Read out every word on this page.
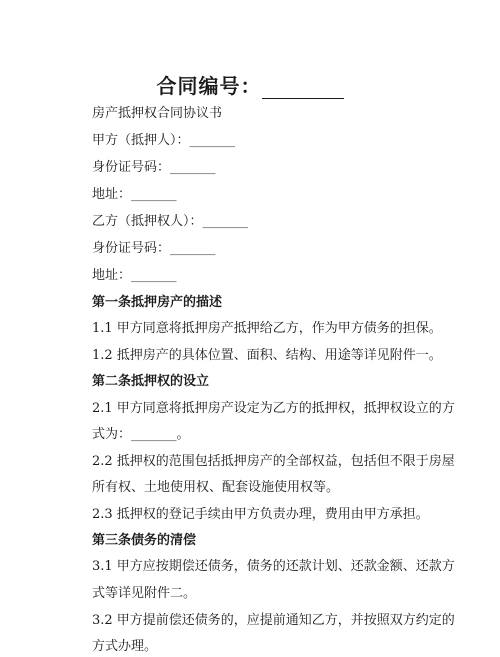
合同编号：
房产抵押权合同协议书
甲方（抵押人）：_______
身份证号码：_______
地址：_______
乙方（抵押权人）：_______
身份证号码：_______
地址：_______
第一条抵押房产的描述
1.1 甲方同意将抵押房产抵押给乙方，作为甲方债务的担保。
1.2 抵押房产的具体位置、面积、结构、用途等详见附件一。
第二条抵押权的设立
2.1 甲方同意将抵押房产设定为乙方的抵押权，抵押权设立的方
式为：_______。
2.2 抵押权的范围包括抵押房产的全部权益，包括但不限于房屋
所有权、土地使用权、配套设施使用权等。
2.3 抵押权的登记手续由甲方负责办理，费用由甲方承担。
第三条债务的清偿
3.1 甲方应按期偿还债务，债务的还款计划、还款金额、还款方
式等详见附件二。
3.2 甲方提前偿还债务的，应提前通知乙方，并按照双方约定的
方式办理。
